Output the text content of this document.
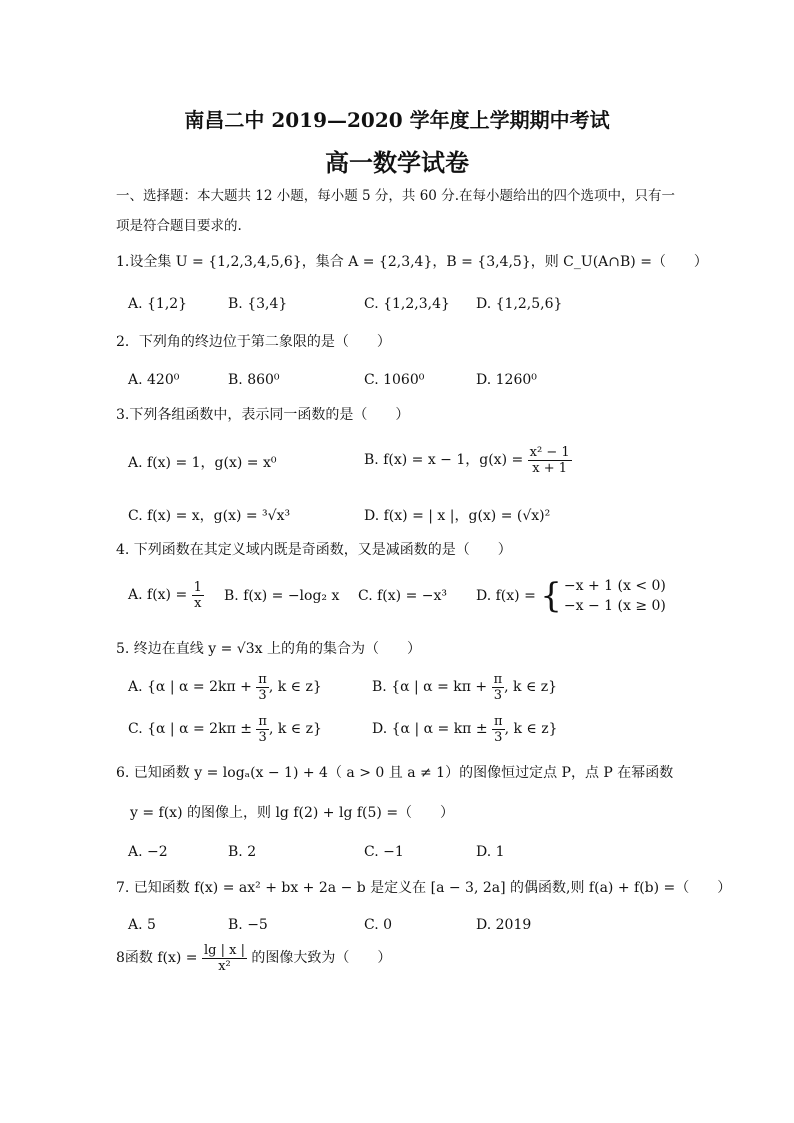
南昌二中 2019—2020 学年度上学期期中考试
高一数学试卷
一、选择题：本大题共 12 小题，每小题 5 分，共 60 分.在每小题给出的四个选项中，只有一
项是符合题目要求的.
1.设全集 U = {1,2,3,4,5,6}，集合 A = {2,3,4}，B = {3,4,5}，则 C_U(A∩B) =（　　）
A. {1,2}	B. {3,4}	C. {1,2,3,4} D. {1,2,5,6}
2．下列角的终边位于第二象限的是（　　）
A. 420⁰	B. 860⁰	C. 1060⁰	D. 1260⁰
3.下列各组函数中，表示同一函数的是（　　）
A. f(x) = 1，g(x) = x⁰	B. f(x) = x − 1，$g(x) = \frac{\text{x² − 1}}{x + 1}$
C. f(x) = x，g(x) = ³√x³	D. f(x) = | x |，g(x) = (√x)²
4. 下列函数在其定义域内既是奇函数，又是减函数的是（　　）
A. $f(x) = \frac{1}{x} B$. f(x) = −log₂ x C. f(x) = −x³ D. f(x) = { −x + 1 (x < 0)
−x − 1 (x ≥ 0)
5. 终边在直线 y = √3x 上的角的集合为（　　）
A. {α | $\alpha = 2k\pi + \frac{\pi}{3}$ , k ∈ z}	B. {α | $\alpha = k\pi + \frac{\pi}{3}$ , k ∈ z}
C. {α | $\alpha = 2k\pi \pm \frac{\pi}{3}$ , k ∈ z}	D. {α | $\alpha = k\pi \pm \frac{\pi}{3}$ , k ∈ z}
6. 已知函数 y = logₐ(x − 1) + 4（ a > 0 且 a ≠ 1）的图像恒过定点 P，点 P 在幂函数
y = f(x) 的图像上，则 lg f(2) + lg f(5) =（　　）
A. −2	B. 2	C. −1	D. 1
7. 已知函数 f(x) = ax² + bx + 2a − b 是定义在 [a − 3, 2a] 的偶函数,则 f(a) + f(b) =（　　）
A. 5	B. −5	C. 0	D. 2019
8函数 $f(x) = \frac{\lg | x |}{\text{x²}}$ 的图像大致为（　　）
